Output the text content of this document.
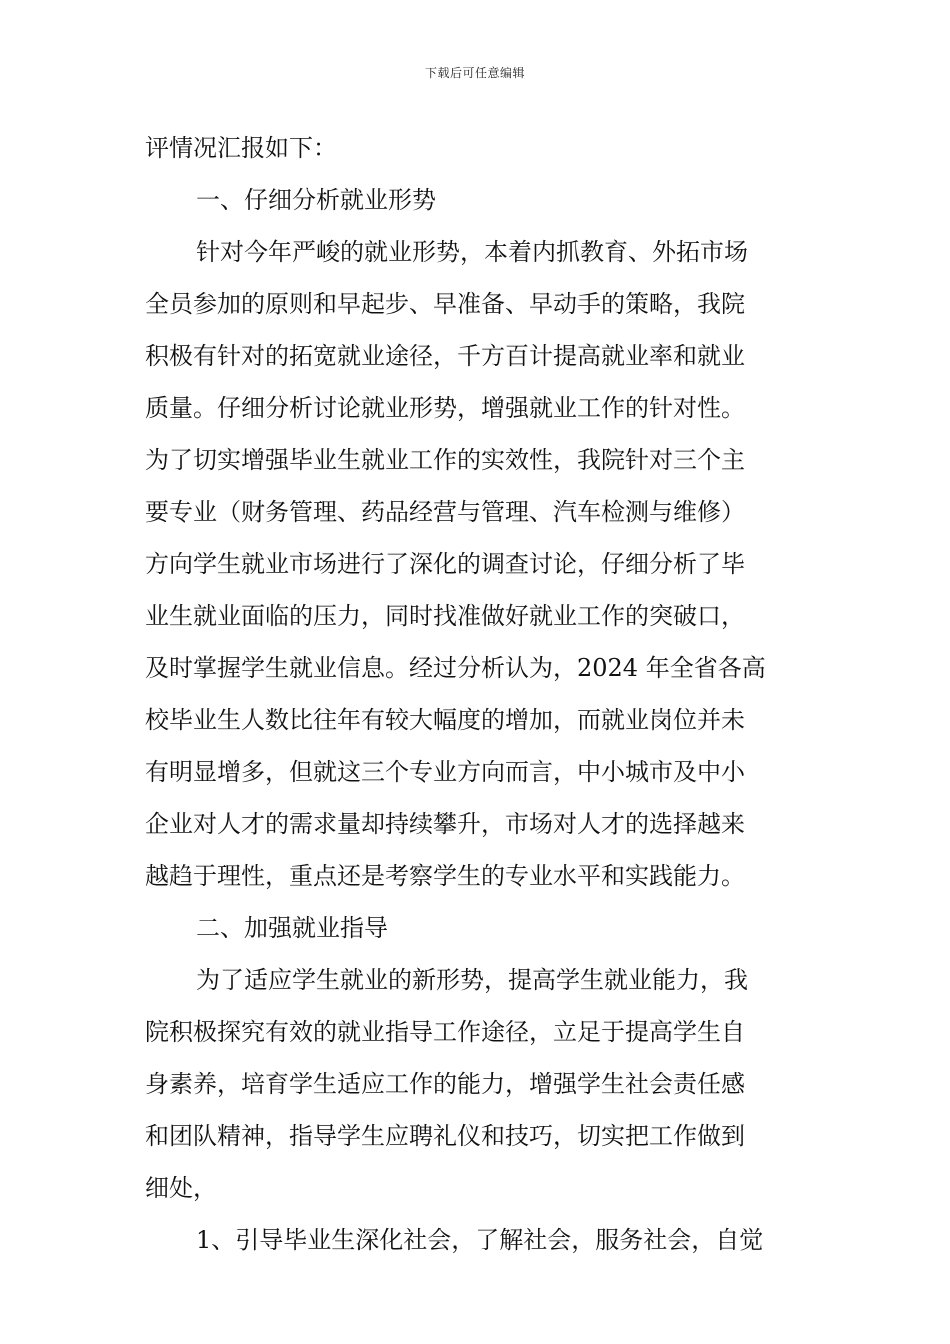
下载后可任意编辑
评情况汇报如下：
一、仔细分析就业形势
针对今年严峻的就业形势，本着内抓教育、外拓市场
全员参加的原则和早起步、早准备、早动手的策略，我院
积极有针对的拓宽就业途径，千方百计提高就业率和就业
质量。仔细分析讨论就业形势，增强就业工作的针对性。
为了切实增强毕业生就业工作的实效性，我院针对三个主
要专业（财务管理、药品经营与管理、汽车检测与维修）
方向学生就业市场进行了深化的调查讨论，仔细分析了毕
业生就业面临的压力，同时找准做好就业工作的突破口，
及时掌握学生就业信息。经过分析认为，2024 年全省各高
校毕业生人数比往年有较大幅度的增加，而就业岗位并未
有明显增多，但就这三个专业方向而言，中小城市及中小
企业对人才的需求量却持续攀升，市场对人才的选择越来
越趋于理性，重点还是考察学生的专业水平和实践能力。
二、加强就业指导
为了适应学生就业的新形势，提高学生就业能力，我
院积极探究有效的就业指导工作途径，立足于提高学生自
身素养，培育学生适应工作的能力，增强学生社会责任感
和团队精神，指导学生应聘礼仪和技巧，切实把工作做到
细处，
1、引导毕业生深化社会，了解社会，服务社会，自觉
